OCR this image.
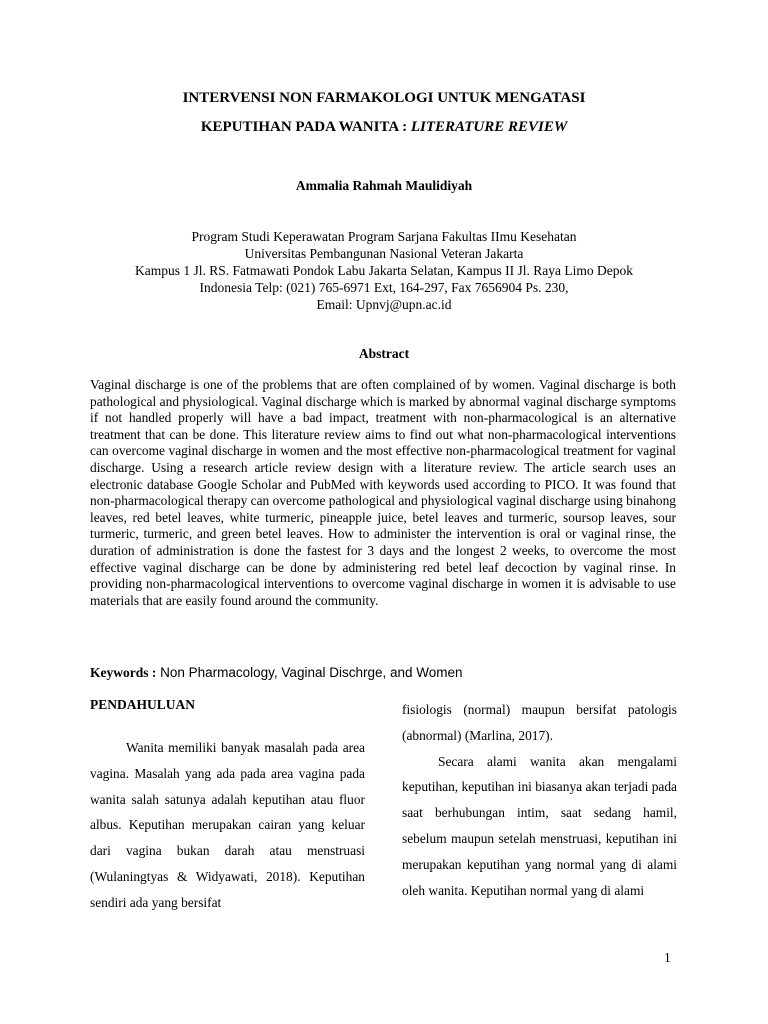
INTERVENSI NON FARMAKOLOGI UNTUK MENGATASI

KEPUTIHAN PADA WANITA : LITERATURE REVIEW

Ammalia Rahmah Maulidiyah

Program Studi Keperawatan Program Sarjana Fakultas IImu Kesehatan
Universitas Pembangunan Nasional Veteran Jakarta
Kampus 1 Jl. RS. Fatmawati Pondok Labu Jakarta Selatan, Kampus II Jl. Raya Limo Depok
Indonesia Telp: (021) 765-6971 Ext, 164-297, Fax 7656904 Ps. 230,
Email: Upnvj@upn.ac.id

Abstract

Vaginal discharge is one of the problems that are often complained of by women. Vaginal discharge is both pathological and physiological. Vaginal discharge which is marked by abnormal vaginal discharge symptoms if not handled properly will have a bad impact, treatment with non-pharmacological is an alternative treatment that can be done. This literature review aims to find out what non-pharmacological interventions can overcome vaginal discharge in women and the most effective non-pharmacological treatment for vaginal discharge. Using a research article review design with a literature review. The article search uses an electronic database Google Scholar and PubMed with keywords used according to PICO. It was found that non-pharmacological therapy can overcome pathological and physiological vaginal discharge using binahong leaves, red betel leaves, white turmeric, pineapple juice, betel leaves and turmeric, soursop leaves, sour turmeric, turmeric, and green betel leaves. How to administer the intervention is oral or vaginal rinse, the duration of administration is done the fastest for 3 days and the longest 2 weeks, to overcome the most effective vaginal discharge can be done by administering red betel leaf decoction by vaginal rinse. In providing non-pharmacological interventions to overcome vaginal discharge in women it is advisable to use materials that are easily found around the community.

Keywords : Non Pharmacology, Vaginal Dischrge, and Women

PENDAHULUAN

Wanita memiliki banyak masalah pada area vagina. Masalah yang ada pada area vagina pada wanita salah satunya adalah keputihan atau fluor albus. Keputihan merupakan cairan yang keluar dari vagina bukan darah atau menstruasi (Wulaningtyas & Widyawati, 2018). Keputihan sendiri ada yang bersifat

fisiologis (normal) maupun bersifat patologis (abnormal) (Marlina, 2017).

Secara alami wanita akan mengalami keputihan, keputihan ini biasanya akan terjadi pada saat berhubungan intim, saat sedang hamil, sebelum maupun setelah menstruasi, keputihan ini merupakan keputihan yang normal yang di alami oleh wanita. Keputihan normal yang di alami

1
